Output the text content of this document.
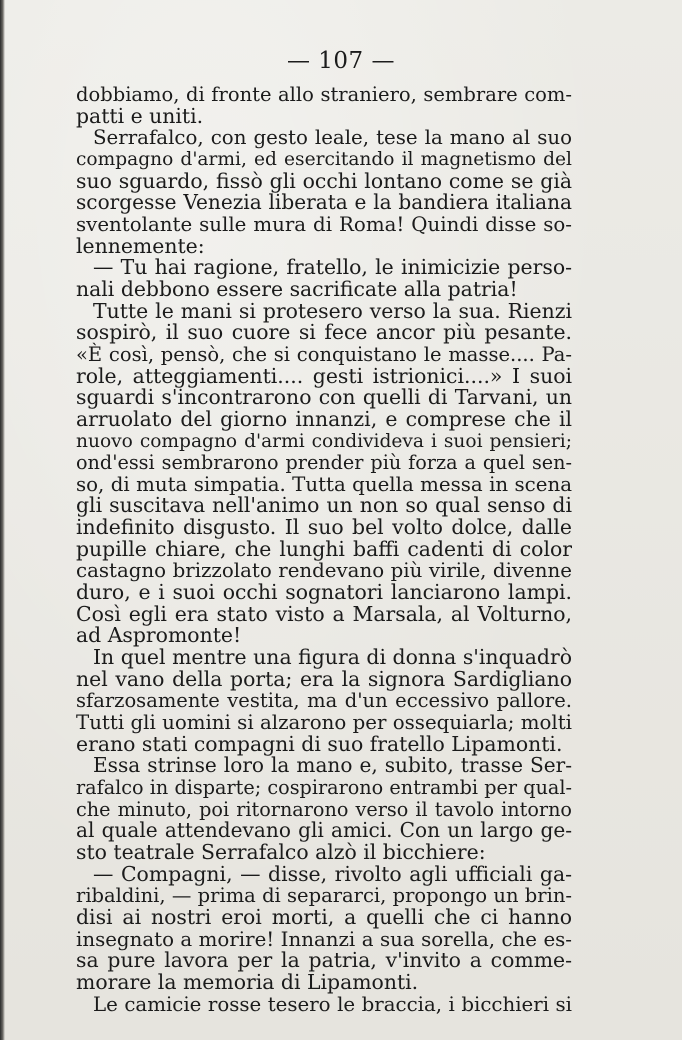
— 107 —
dobbiamo, di fronte allo straniero, sembrare com-
patti e uniti.
Serrafalco, con gesto leale, tese la mano al suo
compagno d'armi, ed esercitando il magnetismo del
suo sguardo, fissò gli occhi lontano come se già
scorgesse Venezia liberata e la bandiera italiana
sventolante sulle mura di Roma! Quindi disse so-
lennemente:
— Tu hai ragione, fratello, le inimicizie perso-
nali debbono essere sacrificate alla patria!
Tutte le mani si protesero verso la sua. Rienzi
sospirò, il suo cuore si fece ancor più pesante.
«È così, pensò, che si conquistano le masse.... Pa-
role, atteggiamenti.... gesti istrionici....» I suoi
sguardi s'incontrarono con quelli di Tarvani, un
arruolato del giorno innanzi, e comprese che il
nuovo compagno d'armi condivideva i suoi pensieri;
ond'essi sembrarono prender più forza a quel sen-
so, di muta simpatia. Tutta quella messa in scena
gli suscitava nell'animo un non so qual senso di
indefinito disgusto. Il suo bel volto dolce, dalle
pupille chiare, che lunghi baffi cadenti di color
castagno brizzolato rendevano più virile, divenne
duro, e i suoi occhi sognatori lanciarono lampi.
Così egli era stato visto a Marsala, al Volturno,
ad Aspromonte!
In quel mentre una figura di donna s'inquadrò
nel vano della porta; era la signora Sardigliano
sfarzosamente vestita, ma d'un eccessivo pallore.
Tutti gli uomini si alzarono per ossequiarla; molti
erano stati compagni di suo fratello Lipamonti.
Essa strinse loro la mano e, subito, trasse Ser-
rafalco in disparte; cospirarono entrambi per qual-
che minuto, poi ritornarono verso il tavolo intorno
al quale attendevano gli amici. Con un largo ge-
sto teatrale Serrafalco alzò il bicchiere:
— Compagni, — disse, rivolto agli ufficiali ga-
ribaldini, — prima di separarci, propongo un brin-
disi ai nostri eroi morti, a quelli che ci hanno
insegnato a morire! Innanzi a sua sorella, che es-
sa pure lavora per la patria, v'invito a comme-
morare la memoria di Lipamonti.
Le camicie rosse tesero le braccia, i bicchieri si
